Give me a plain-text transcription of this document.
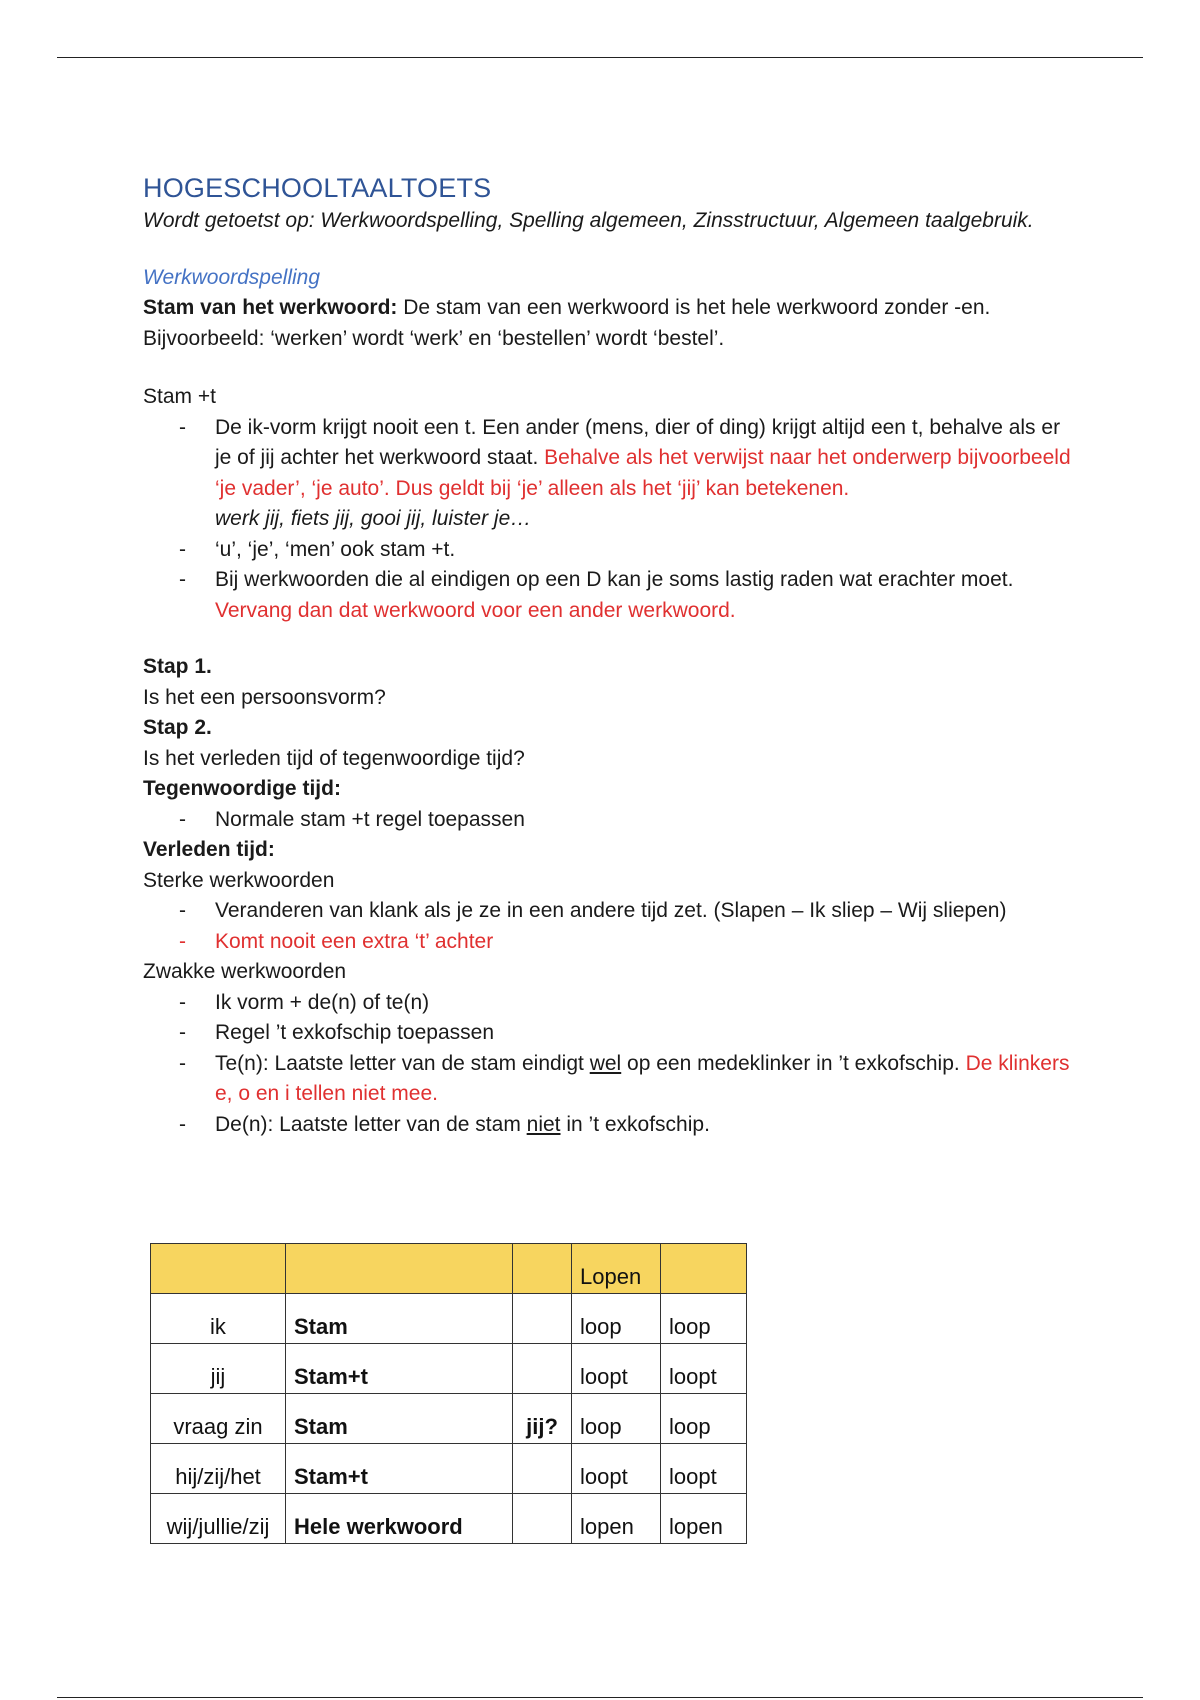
HOGESCHOOLTAALTOETS

Wordt getoetst op: Werkwoordspelling, Spelling algemeen, Zinsstructuur, Algemeen taalgebruik.

Werkwoordspelling

Stam van het werkwoord: De stam van een werkwoord is het hele werkwoord zonder -en. Bijvoorbeeld: ‘werken’ wordt ‘werk’ en ‘bestellen’ wordt ‘bestel’.

Stam +t

- De ik-vorm krijgt nooit een t. Een ander (mens, dier of ding) krijgt altijd een t, behalve als er je of jij achter het werkwoord staat. Behalve als het verwijst naar het onderwerp bijvoorbeeld ‘je vader’, ‘je auto’. Dus geldt bij ‘je’ alleen als het ‘jij’ kan betekenen.
werk jij, fiets jij, gooi jij, luister je…
- ‘u’, ‘je’, ‘men’ ook stam +t.
- Bij werkwoorden die al eindigen op een D kan je soms lastig raden wat erachter moet. Vervang dan dat werkwoord voor een ander werkwoord.

Stap 1.

Is het een persoonsvorm?

Stap 2.

Is het verleden tijd of tegenwoordige tijd?

Tegenwoordige tijd:

- Normale stam +t regel toepassen

Verleden tijd:

Sterke werkwoorden

- Veranderen van klank als je ze in een andere tijd zet. (Slapen – Ik sliep – Wij sliepen)
- Komt nooit een extra ‘t’ achter

Zwakke werkwoorden

- Ik vorm + de(n) of te(n)
- Regel ’t exkofschip toepassen
- Te(n): Laatste letter van de stam eindigt wel op een medeklinker in ’t exkofschip. De klinkers e, o en i tellen niet mee.
- De(n): Laatste letter van de stam niet in ’t exkofschip.
			Lopen	
ik	Stam		loop	loop
jij	Stam+t		loopt	loopt
vraag zin	Stam	jij?	loop	loop
hij/zij/het	Stam+t		loopt	loopt
wij/jullie/zij	Hele werkwoord		lopen	lopen
